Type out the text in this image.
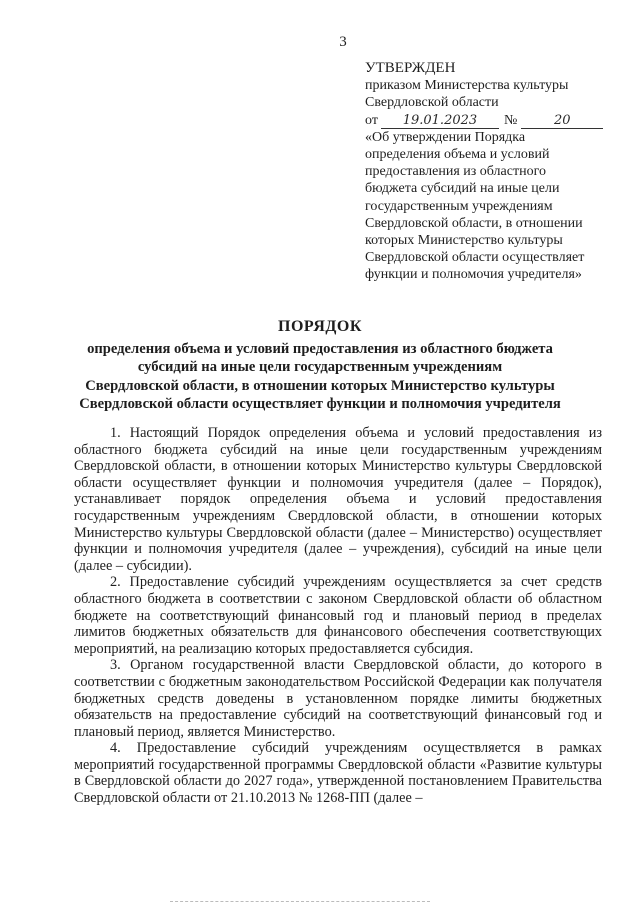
3
УТВЕРЖДЕН
приказом Министерства культуры
Свердловской области
от	19.01.2023	№	20
«Об утверждении Порядка
определения объема и условий
предоставления из областного
бюджета субсидий на иные цели
государственным учреждениям
Свердловской области, в отношении
которых Министерство культуры
Свердловской области осуществляет
функции и полномочия учредителя»
ПОРЯДОК
определения объема и условий предоставления из областного бюджета
субсидий на иные цели государственным учреждениям
Свердловской области, в отношении которых Министерство культуры
Свердловской области осуществляет функции и полномочия учредителя

1. Настоящий Порядок определения объема и условий предоставления из областного бюджета субсидий на иные цели государственным учреждениям Свердловской области, в отношении которых Министерство культуры Свердловской области осуществляет функции и полномочия учредителя (далее – Порядок), устанавливает порядок определения объема и условий предоставления государственным учреждениям Свердловской области, в отношении которых Министерство культуры Свердловской области (далее – Министерство) осуществляет функции и полномочия учредителя (далее – учреждения), субсидий на иные цели (далее – субсидии).

2. Предоставление субсидий учреждениям осуществляется за счет средств областного бюджета в соответствии с законом Свердловской области об областном бюджете на соответствующий финансовый год и плановый период в пределах лимитов бюджетных обязательств для финансового обеспечения соответствующих мероприятий, на реализацию которых предоставляется субсидия.

3. Органом государственной власти Свердловской области, до которого в соответствии с бюджетным законодательством Российской Федерации как получателя бюджетных средств доведены в установленном порядке лимиты бюджетных обязательств на предоставление субсидий на соответствующий финансовый год и плановый период, является Министерство.

4. Предоставление субсидий учреждениям осуществляется в рамках мероприятий государственной программы Свердловской области «Развитие культуры в Свердловской области до 2027 года», утвержденной постановлением Правительства Свердловской области от 21.10.2013 № 1268-ПП (далее –
